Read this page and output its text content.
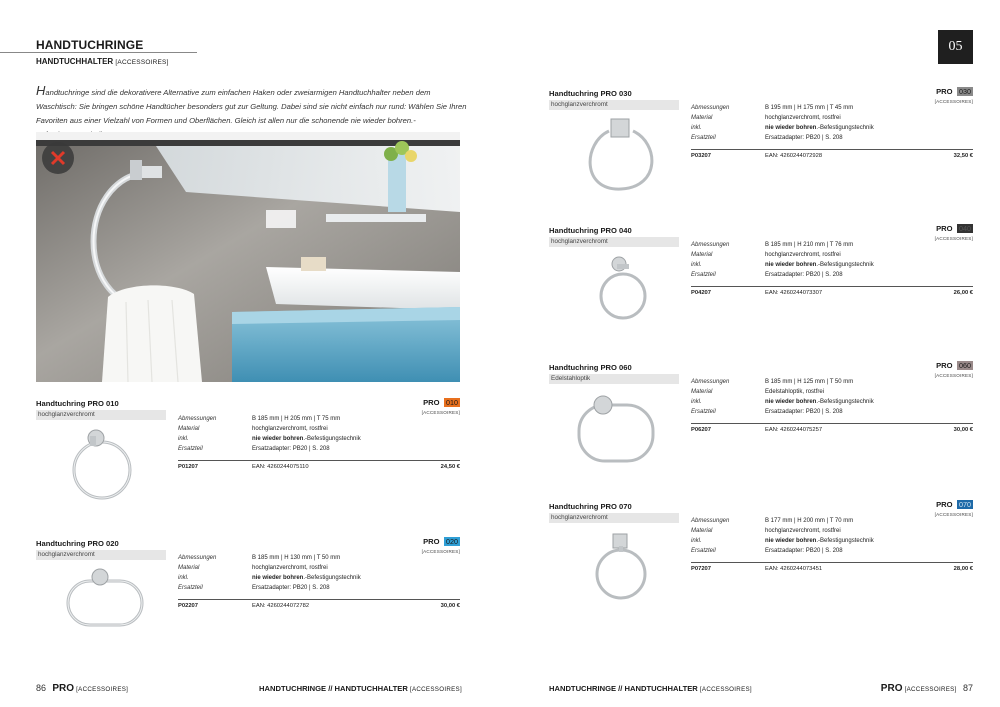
HANDTUCHRINGE
HANDTUCHHALTER [ACCESSOIRES]
Handtuchringe sind die dekorativere Alternative zum einfachen Haken oder zweiarmigen Handtuchhalter neben dem Waschtisch: Sie bringen schöne Handtücher besonders gut zur Geltung. Dabei sind sie nicht einfach nur rund: Wählen Sie Ihren Favoriten aus einer Vielzahl von Formen und Oberflächen. Gleich ist allen nur die schonende nie wieder bohren.-
05
PRO 010
[ACCESSOIRES]
Handtuchring PRO 010
hochglanzverchromt
Abmessungen	B 185 mm | H 205 mm | T 75 mm
Material	hochglanzverchromt, rostfrei
inkl.	nie wieder bohren.-Befestigungstechnik
Ersatzteil	Ersatzadapter: PB20 | S. 208
P01207	EAN: 4260244075110	24,50 €
PRO 020
[ACCESSOIRES]
Handtuchring PRO 020
hochglanzverchromt	Abmessungen	B 185 mm | H 130 mm | T 50 mm
Material	hochglanzverchromt, rostfrei
inkl.	nie wieder bohren.-Befestigungstechnik
Ersatzteil	Ersatzadapter: PB20 | S. 208
P02207	EAN: 4260244072782	30,00 €
PRO 030
[ACCESSOIRES]
Handtuchring PRO 030
hochglanzverchromt	Abmessungen	B 195 mm | H 175 mm | T 45 mm
Material	hochglanzverchromt, rostfrei
inkl.	nie wieder bohren.-Befestigungstechnik
Ersatzteil	Ersatzadapter: PB20 | S. 208
P03207	EAN: 4260244072928	32,50 €
PRO 040
[ACCESSOIRES]
Handtuchring PRO 040
hochglanzverchromt	Abmessungen	B 185 mm | H 210 mm | T 76 mm
Material	hochglanzverchromt, rostfrei
inkl.	nie wieder bohren.-Befestigungstechnik
Ersatzteil	Ersatzadapter: PB20 | S. 208
P04207	EAN: 4260244073307	26,00 €
PRO 060
[ACCESSOIRES]
Handtuchring PRO 060
Edelstahloptik	Abmessungen	B 185 mm | H 125 mm | T 50 mm
Material	Edelstahloptik, rostfrei
inkl.	nie wieder bohren.-Befestigungstechnik
Ersatzteil	Ersatzadapter: PB20 | S. 208
P06207	EAN: 4260244075257	30,00 €
PRO 070
[ACCESSOIRES]
Handtuchring PRO 070
hochglanzverchromt	Abmessungen	B 177 mm | H 200 mm | T 70 mm
Material	hochglanzverchromt, rostfrei
inkl.	nie wieder bohren.-Befestigungstechnik
Ersatzteil	Ersatzadapter: PB20 | S. 208
P07207	EAN: 4260244073451	28,00 €
86 PRO [ACCESSOIRES]	HANDTUCHRINGE // HANDTUCHHALTER [ACCESSOIRES]	HANDTUCHRINGE // HANDTUCHHALTER [ACCESSOIRES]	PRO [ACCESSOIRES] 87
